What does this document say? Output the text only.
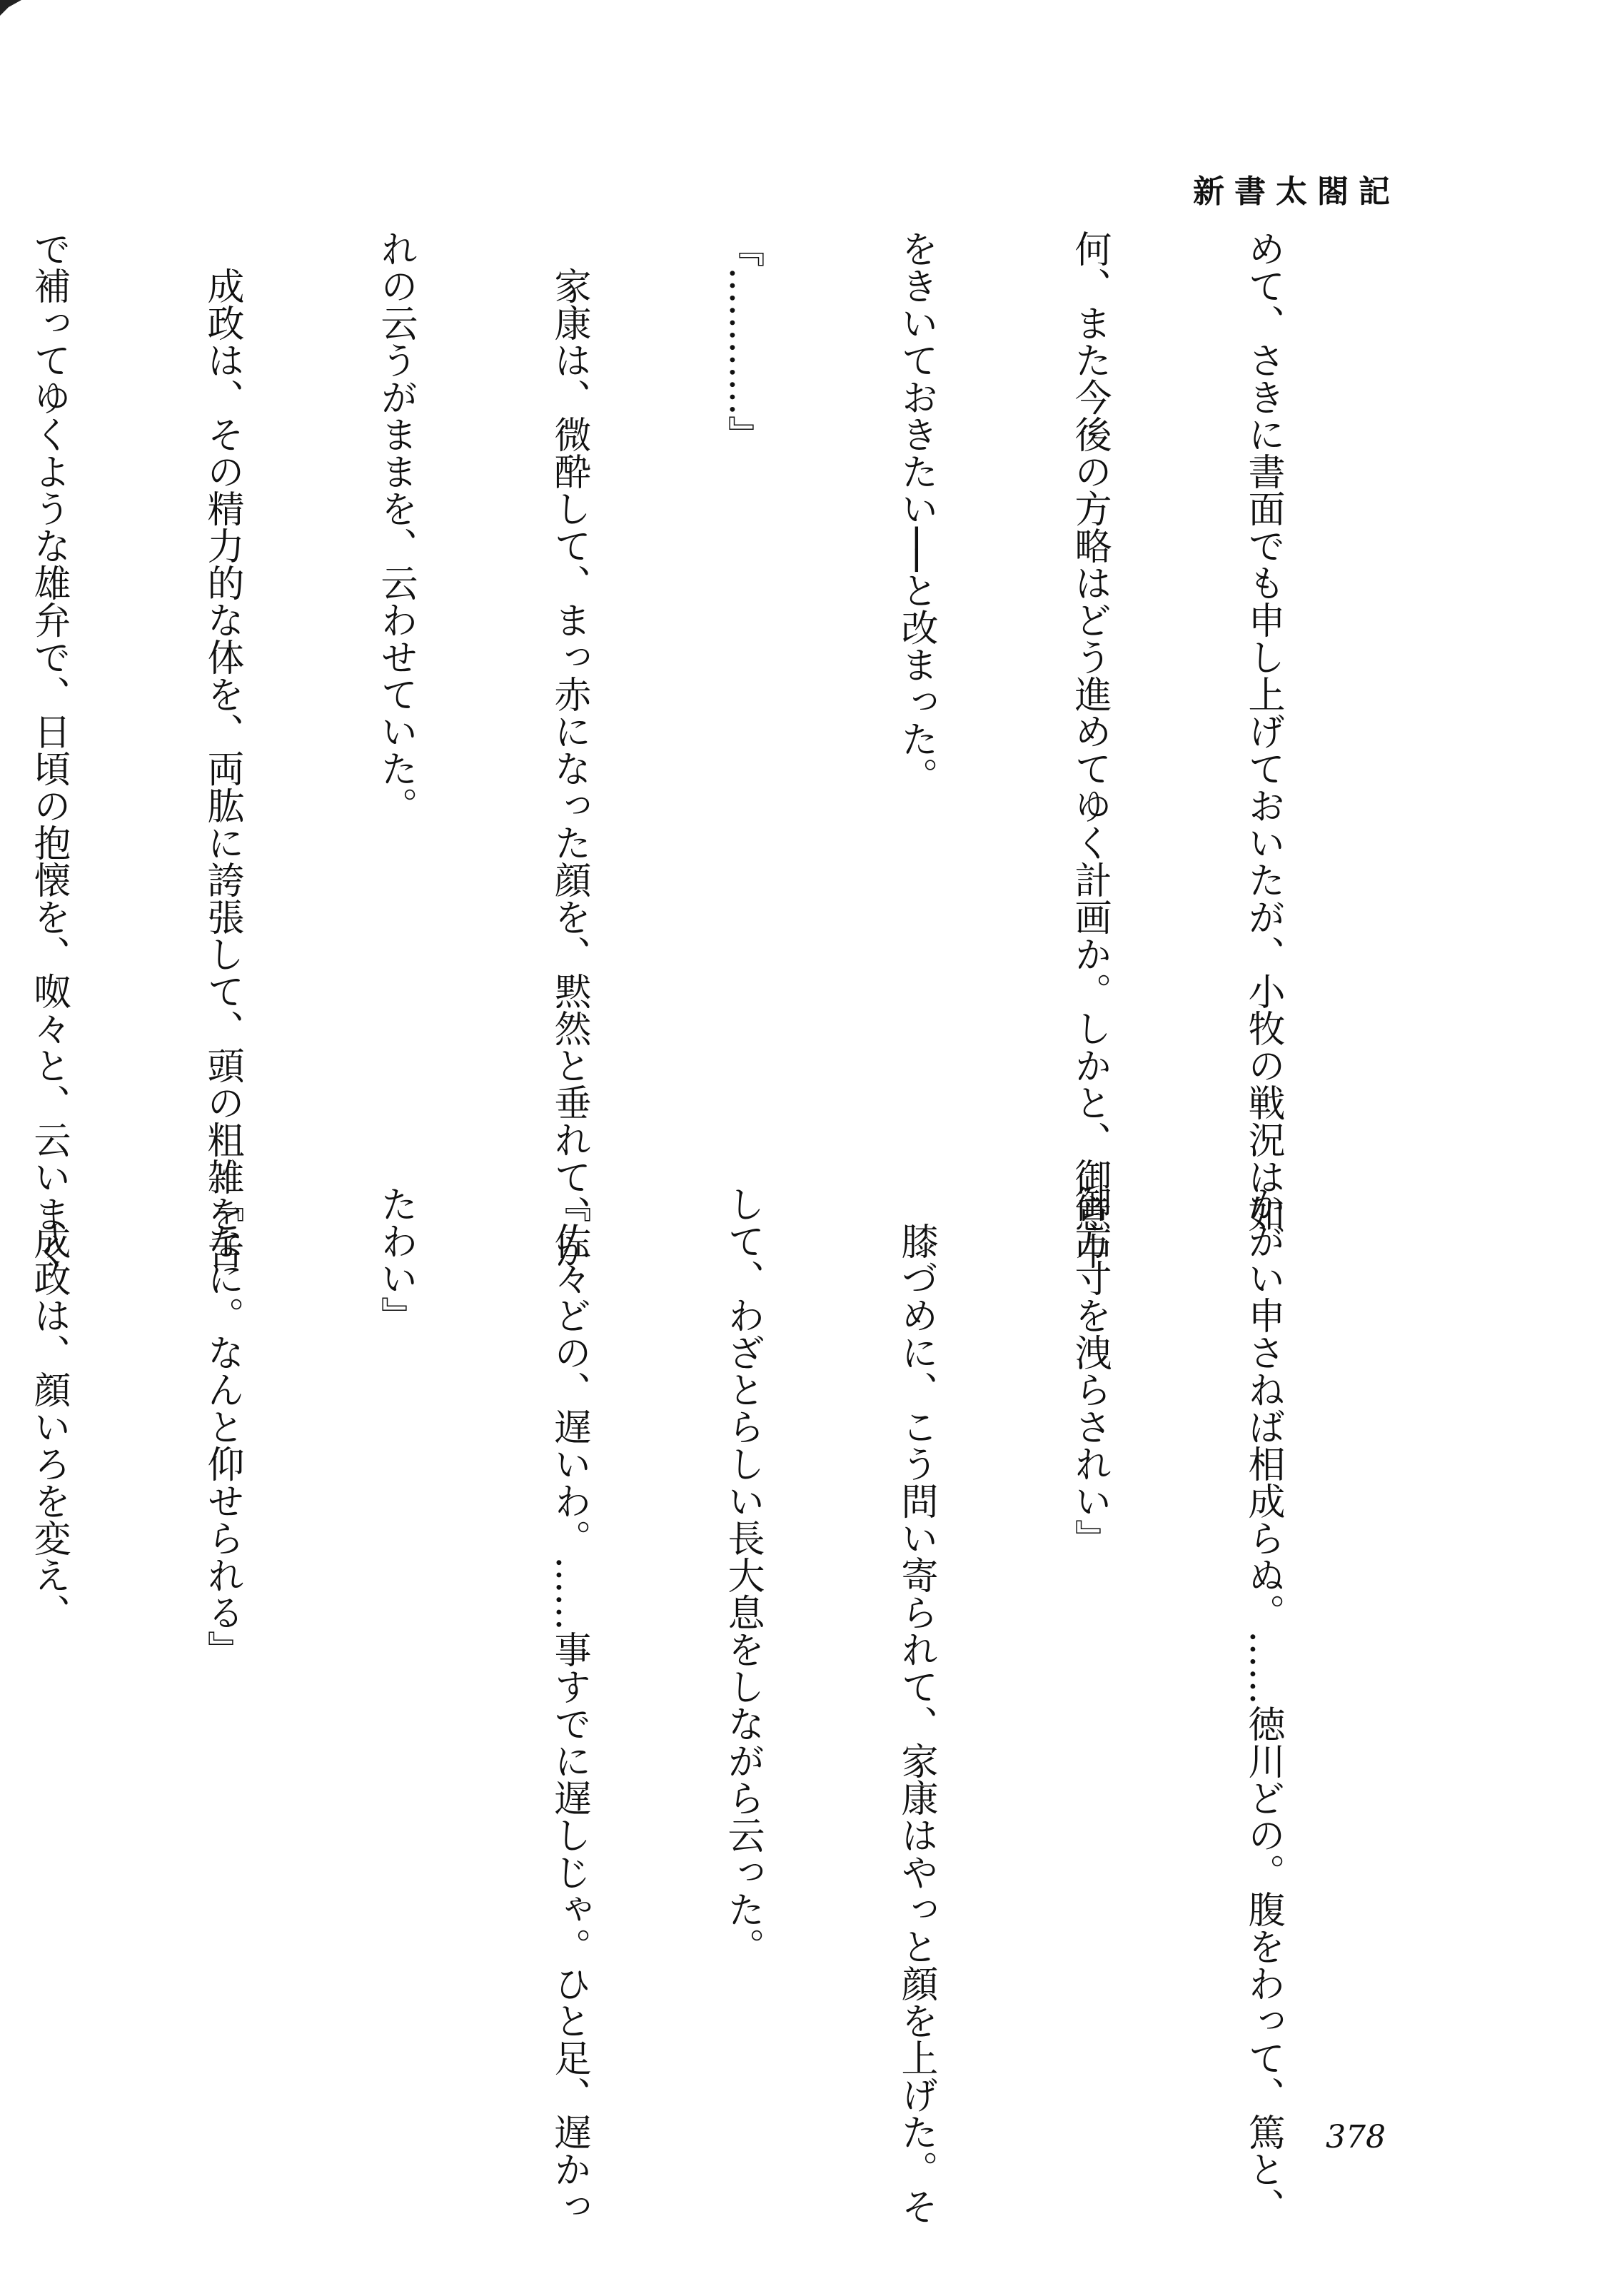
新書太閤記

めて、さきに書面でも申し上げておいたが、小牧の戦況は如

何、また今後の方略はどう進めてゆく計画か。しかと、御意中

をきいておきたい──と改まった。

『…………』

　家康は、微酔して、まっ赤になった顔を、黙然と垂れて、か

れの云うがままを、云わせていた。

　成政は、その精力的な体を、両肱に誇張して、頭の粗雑を舌

で補ってゆくような雄弁で、日頃の抱懐を、呶々と、云いまく

かがい申さねば相成らぬ。……徳川どの。腹をわって、篤と、

御方寸を洩らされい』

　膝づめに、こう問い寄られて、家康はやっと顔を上げた。そ

して、わざとらしい長大息をしながら云った。

『佐々どの、遅いわ。……事すでに遅しじゃ。ひと足、遅かっ

たわい』

『なに。なんと仰せられる』

　成政は、顔いろを変え、

378
